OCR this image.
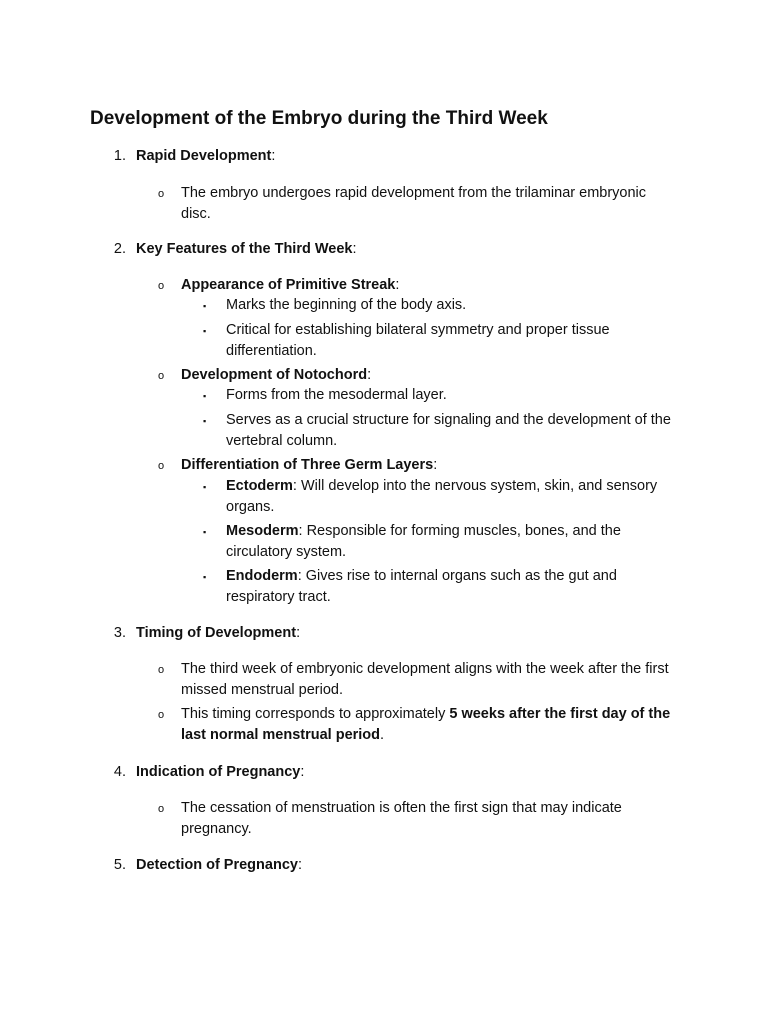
Development of the Embryo during the Third Week
1. Rapid Development:
o The embryo undergoes rapid development from the trilaminar embryonic disc.
2. Key Features of the Third Week:
o Appearance of Primitive Streak:
▪ Marks the beginning of the body axis.
▪ Critical for establishing bilateral symmetry and proper tissue differentiation.
o Development of Notochord:
▪ Forms from the mesodermal layer.
▪ Serves as a crucial structure for signaling and the development of the vertebral column.
o Differentiation of Three Germ Layers:
▪ Ectoderm: Will develop into the nervous system, skin, and sensory organs.
▪ Mesoderm: Responsible for forming muscles, bones, and the circulatory system.
▪ Endoderm: Gives rise to internal organs such as the gut and respiratory tract.
3. Timing of Development:
o The third week of embryonic development aligns with the week after the first missed menstrual period.
o This timing corresponds to approximately 5 weeks after the first day of the last normal menstrual period.
4. Indication of Pregnancy:
o The cessation of menstruation is often the first sign that may indicate pregnancy.
5. Detection of Pregnancy:
